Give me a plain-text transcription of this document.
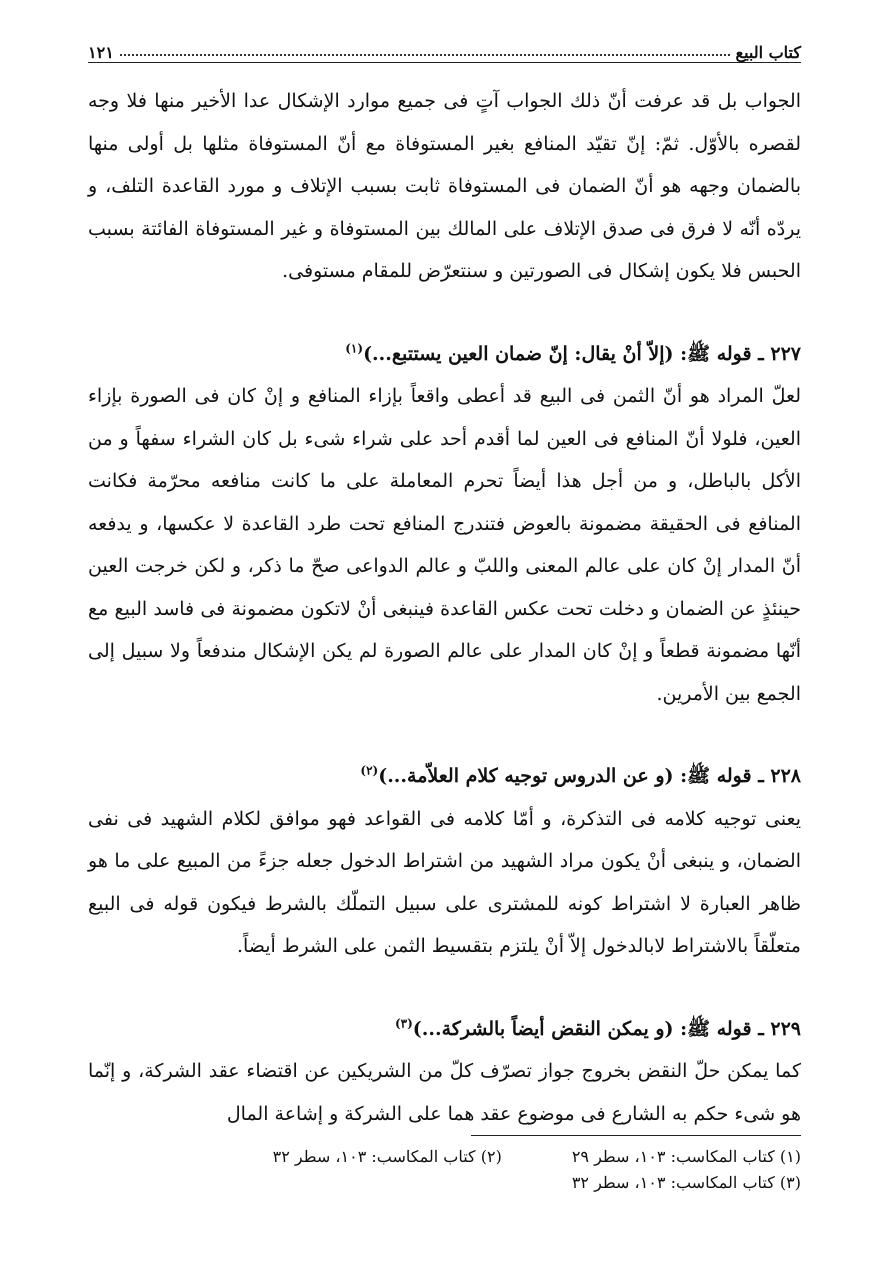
كتاب البيع
١٢١

الجواب بل قد عرفت أنّ ذلك الجواب آتٍ فى جميع موارد الإشكال عدا الأخير منها فلا وجه لقصره بالأوّل. ثمّ: إنّ تقيّد المنافع بغير المستوفاة مع أنّ المستوفاة مثلها بل أولى منها بالضمان وجهه هو أنّ الضمان فى المستوفاة ثابت بسبب الإتلاف و مورد القاعدة التلف، و يردّه أنّه لا فرق فى صدق الإتلاف على المالك بين المستوفاة و غير المستوفاة الفائتة بسبب الحبس فلا يكون إشكال فى الصورتين و سنتعرّض للمقام مستوفى.

٢٢٧ ـ قوله ﷺ: (إلاّ أنْ يقال: إنّ ضمان العين يستتبع...)$^{(١)}$

لعلّ المراد هو أنّ الثمن فى البيع قد أعطى واقعاً بإزاء المنافع و إنْ كان فى الصورة بإزاء العين، فلولا أنّ المنافع فى العين لما أقدم أحد على شراء شىء بل كان الشراء سفهاً و من الأكل بالباطل، و من أجل هذا أيضاً تحرم المعاملة على ما كانت منافعه محرّمة فكانت المنافع فى الحقيقة مضمونة بالعوض فتندرج المنافع تحت طرد القاعدة لا عكسها، و يدفعه أنّ المدار إنْ كان على عالم المعنى واللبّ و عالم الدواعى صحّ ما ذكر، و لكن خرجت العين حينئذٍ عن الضمان و دخلت تحت عكس القاعدة فينبغى أنْ لاتكون مضمونة فى فاسد البيع مع أنّها مضمونة قطعاً و إنْ كان المدار على عالم الصورة لم يكن الإشكال مندفعاً ولا سبيل إلى الجمع بين الأمرين.

٢٢٨ ـ قوله ﷺ: (و عن الدروس توجيه كلام العلاّمة...)$^{(٢)}$

يعنى توجيه كلامه فى التذكرة، و أمّا كلامه فى القواعد فهو موافق لكلام الشهيد فى نفى الضمان، و ينبغى أنْ يكون مراد الشهيد من اشتراط الدخول جعله جزءً من المبيع على ما هو ظاهر العبارة لا اشتراط كونه للمشترى على سبيل التملّك بالشرط فيكون قوله فى البيع متعلّقاً بالاشتراط لابالدخول إلاّ أنْ يلتزم بتقسيط الثمن على الشرط أيضاً.

٢٢٩ ـ قوله ﷺ: (و يمكن النقض أيضاً بالشركة...)$^{(٣)}$

كما يمكن حلّ النقض بخروج جواز تصرّف كلّ من الشريكين عن اقتضاء عقد الشركة، و إنّما هو شىء حكم به الشارع فى موضوع عقد هما على الشركة و إشاعة المال

(١) كتاب المكاسب: ١٠٣، سطر ٢٩
(٢) كتاب المكاسب: ١٠٣، سطر ٣٢
(٣) كتاب المكاسب: ١٠٣، سطر ٣٢
